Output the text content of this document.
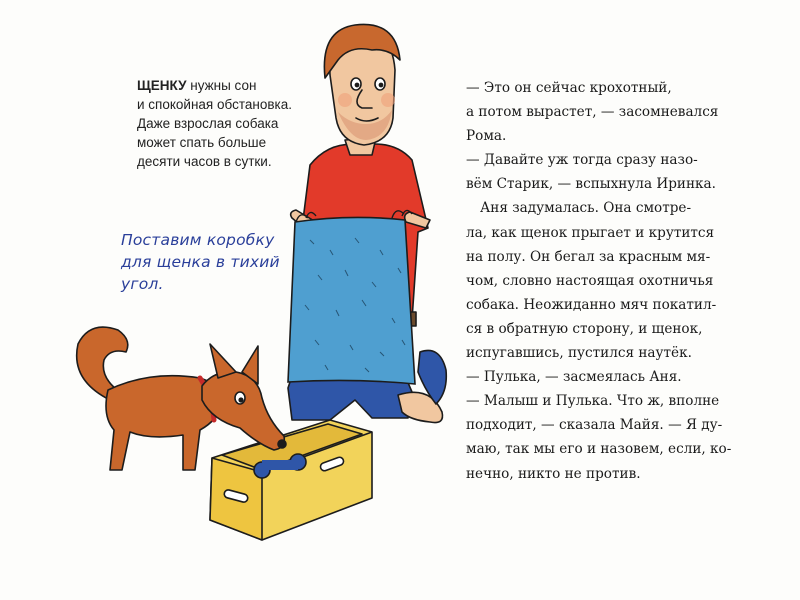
ЩЕНКУ нужны сон
и спокойная обстановка.
Даже взрослая собака
может спать больше
десяти часов в сутки.
Поставим коробку
для щенка в тихий
угол.
— Это он сейчас крохотный,
а потом вырастет, — засомневался
Рома.
— Давайте уж тогда сразу назо-
вём Старик, — вспыхнула Иринка.
Аня задумалась. Она смотре-
ла, как щенок прыгает и крутится
на полу. Он бегал за красным мя-
чом, словно настоящая охотничья
собака. Неожиданно мяч покатил-
ся в обратную сторону, и щенок,
испугавшись, пустился наутёк.
— Пулька, — засмеялась Аня.
— Малыш и Пулька. Что ж, вполне
подходит, — сказала Майя. — Я ду-
маю, так мы его и назовем, если, ко-
нечно, никто не против.
